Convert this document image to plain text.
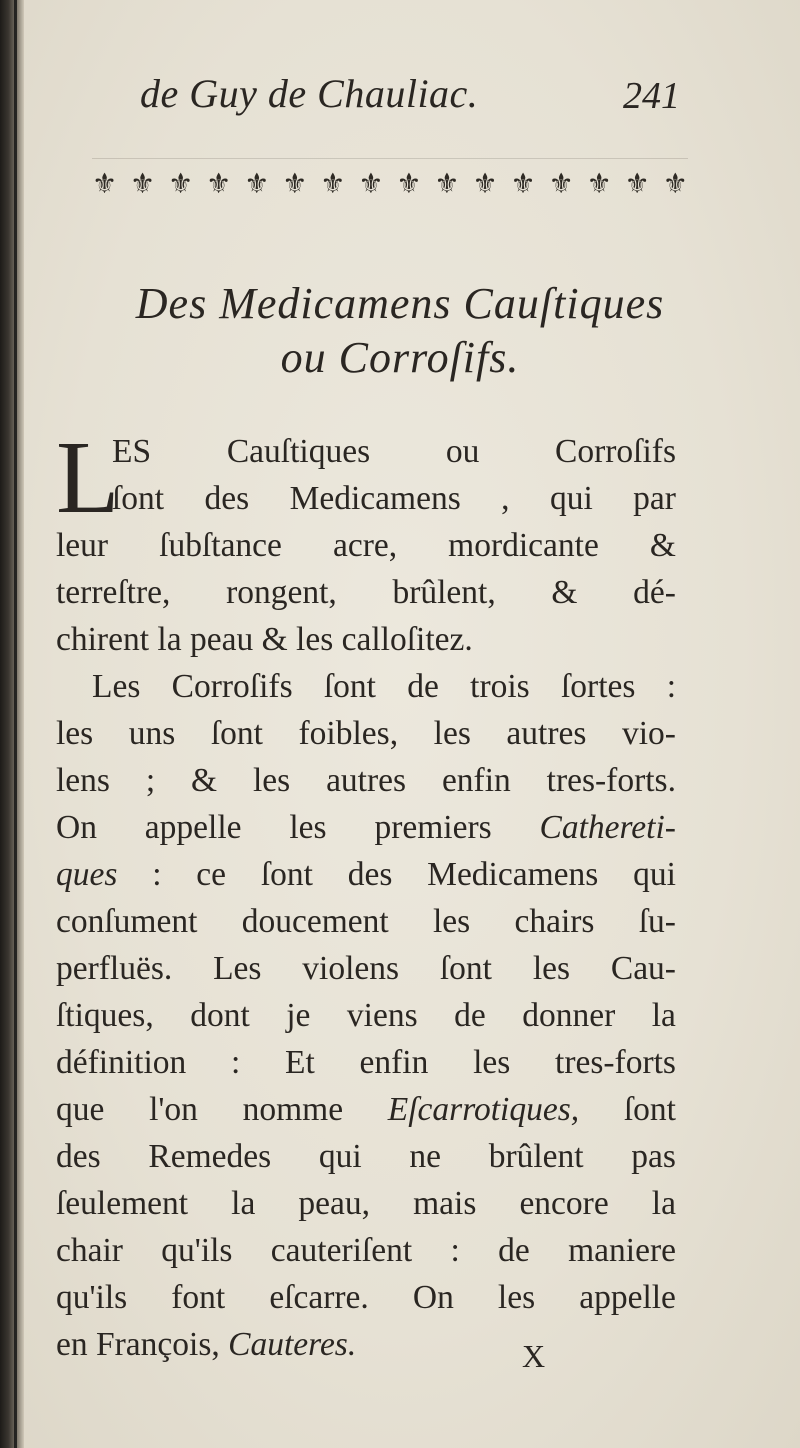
de Guy de Chauliac.	241
⚜ ⚜ ⚜ ⚜ ⚜ ⚜ ⚜ ⚜ ⚜ ⚜ ⚜ ⚜ ⚜ ⚜ ⚜ ⚜
Des Medicamens Cauſtiques
ou Corroſifs.
L
ES Cauſtiques ou Corroſifs
ſont des Medicamens , qui par
leur ſubſtance acre, mordicante &
terreſtre, rongent, brûlent, & dé-
chirent la peau & les calloſitez.
Les Corroſifs ſont de trois ſortes :
les uns ſont foibles, les autres vio-
lens ; & les autres enfin tres-forts.
On appelle les premiers Cathereti-
ques : ce ſont des Medicamens qui
conſument doucement les chairs ſu-
perfluës. Les violens ſont les Cau-
ſtiques, dont je viens de donner la
définition : Et enfin les tres-forts
que l'on nomme Eſcarrotiques, ſont
des Remedes qui ne brûlent pas
ſeulement la peau, mais encore la
chair qu'ils cauteriſent : de maniere
qu'ils font eſcarre. On les appelle
en François, Cauteres.	X
